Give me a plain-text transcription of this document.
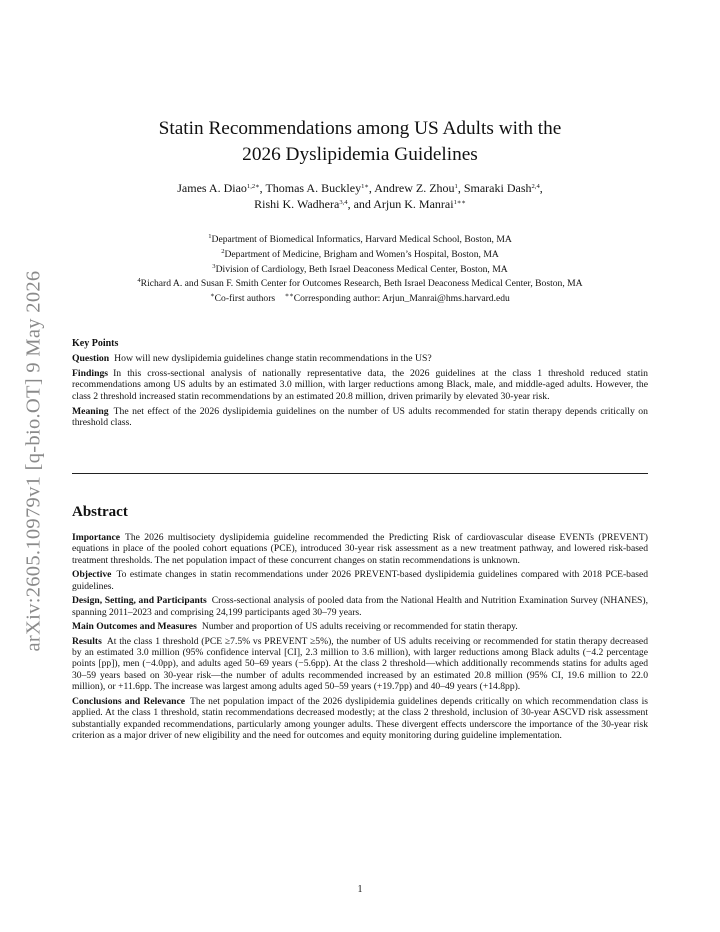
arXiv:2605.10979v1 [q-bio.OT] 9 May 2026
Statin Recommendations among US Adults with the
2026 Dyslipidemia Guidelines
James A. Diao$^{1,2∗}$, Thomas A. Buckley$^{1∗}$, Andrew Z. Zhou$^1$, Smaraki Dash$^{2,4}$,
Rishi K. Wadhera$^{3,4}$, and Arjun K. Manrai$^{1∗∗}$
$^1$Department of Biomedical Informatics, Harvard Medical School, Boston, MA
$^2$Department of Medicine, Brigham and Women’s Hospital, Boston, MA
$^3$Division of Cardiology, Beth Israel Deaconess Medical Center, Boston, MA
$^4$Richard A. and Susan F. Smith Center for Outcomes Research, Beth Israel Deaconess Medical Center, Boston, MA
∗Co-first authors ∗∗Corresponding author: Arjun_Manrai@hms.harvard.edu
Key Points

Question How will new dyslipidemia guidelines change statin recommendations in the US?

Findings In this cross-sectional analysis of nationally representative data, the 2026 guidelines at the class 1 threshold reduced statin recommendations among US adults by an estimated 3.0 million, with larger reductions among Black, male, and middle-aged adults. However, the class 2 threshold increased statin recommendations by an estimated 20.8 million, driven primarily by elevated 30-year risk.

Meaning The net effect of the 2026 dyslipidemia guidelines on the number of US adults recommended for statin therapy depends critically on threshold class.

Abstract

Importance The 2026 multisociety dyslipidemia guideline recommended the Predicting Risk of cardiovascular disease EVENTs (PREVENT) equations in place of the pooled cohort equations (PCE), introduced 30-year risk assessment as a new treatment pathway, and lowered risk-based treatment thresholds. The net population impact of these concurrent changes on statin recommendations is unknown.

Objective To estimate changes in statin recommendations under 2026 PREVENT-based dyslipidemia guidelines compared with 2018 PCE-based guidelines.

Design, Setting, and Participants Cross-sectional analysis of pooled data from the National Health and Nutrition Examination Survey (NHANES), spanning 2011–2023 and comprising 24,199 participants aged 30–79 years.

Main Outcomes and Measures Number and proportion of US adults receiving or recommended for statin therapy.

Results At the class 1 threshold (PCE ≥7.5% vs PREVENT ≥5%), the number of US adults receiving or recommended for statin therapy decreased by an estimated 3.0 million (95% confidence interval [CI], 2.3 million to 3.6 million), with larger reductions among Black adults (−4.2 percentage points [pp]), men (−4.0pp), and adults aged 50–69 years (−5.6pp). At the class 2 threshold—which additionally recommends statins for adults aged 30–59 years based on 30-year risk—the number of adults recommended increased by an estimated 20.8 million (95% CI, 19.6 million to 22.0 million), or +11.6pp. The increase was largest among adults aged 50–59 years (+19.7pp) and 40–49 years (+14.8pp).

Conclusions and Relevance The net population impact of the 2026 dyslipidemia guidelines depends critically on which recommendation class is applied. At the class 1 threshold, statin recommendations decreased modestly; at the class 2 threshold, inclusion of 30-year ASCVD risk assessment substantially expanded recommendations, particularly among younger adults. These divergent effects underscore the importance of the 30-year risk criterion as a major driver of new eligibility and the need for outcomes and equity monitoring during guideline implementation.

1
